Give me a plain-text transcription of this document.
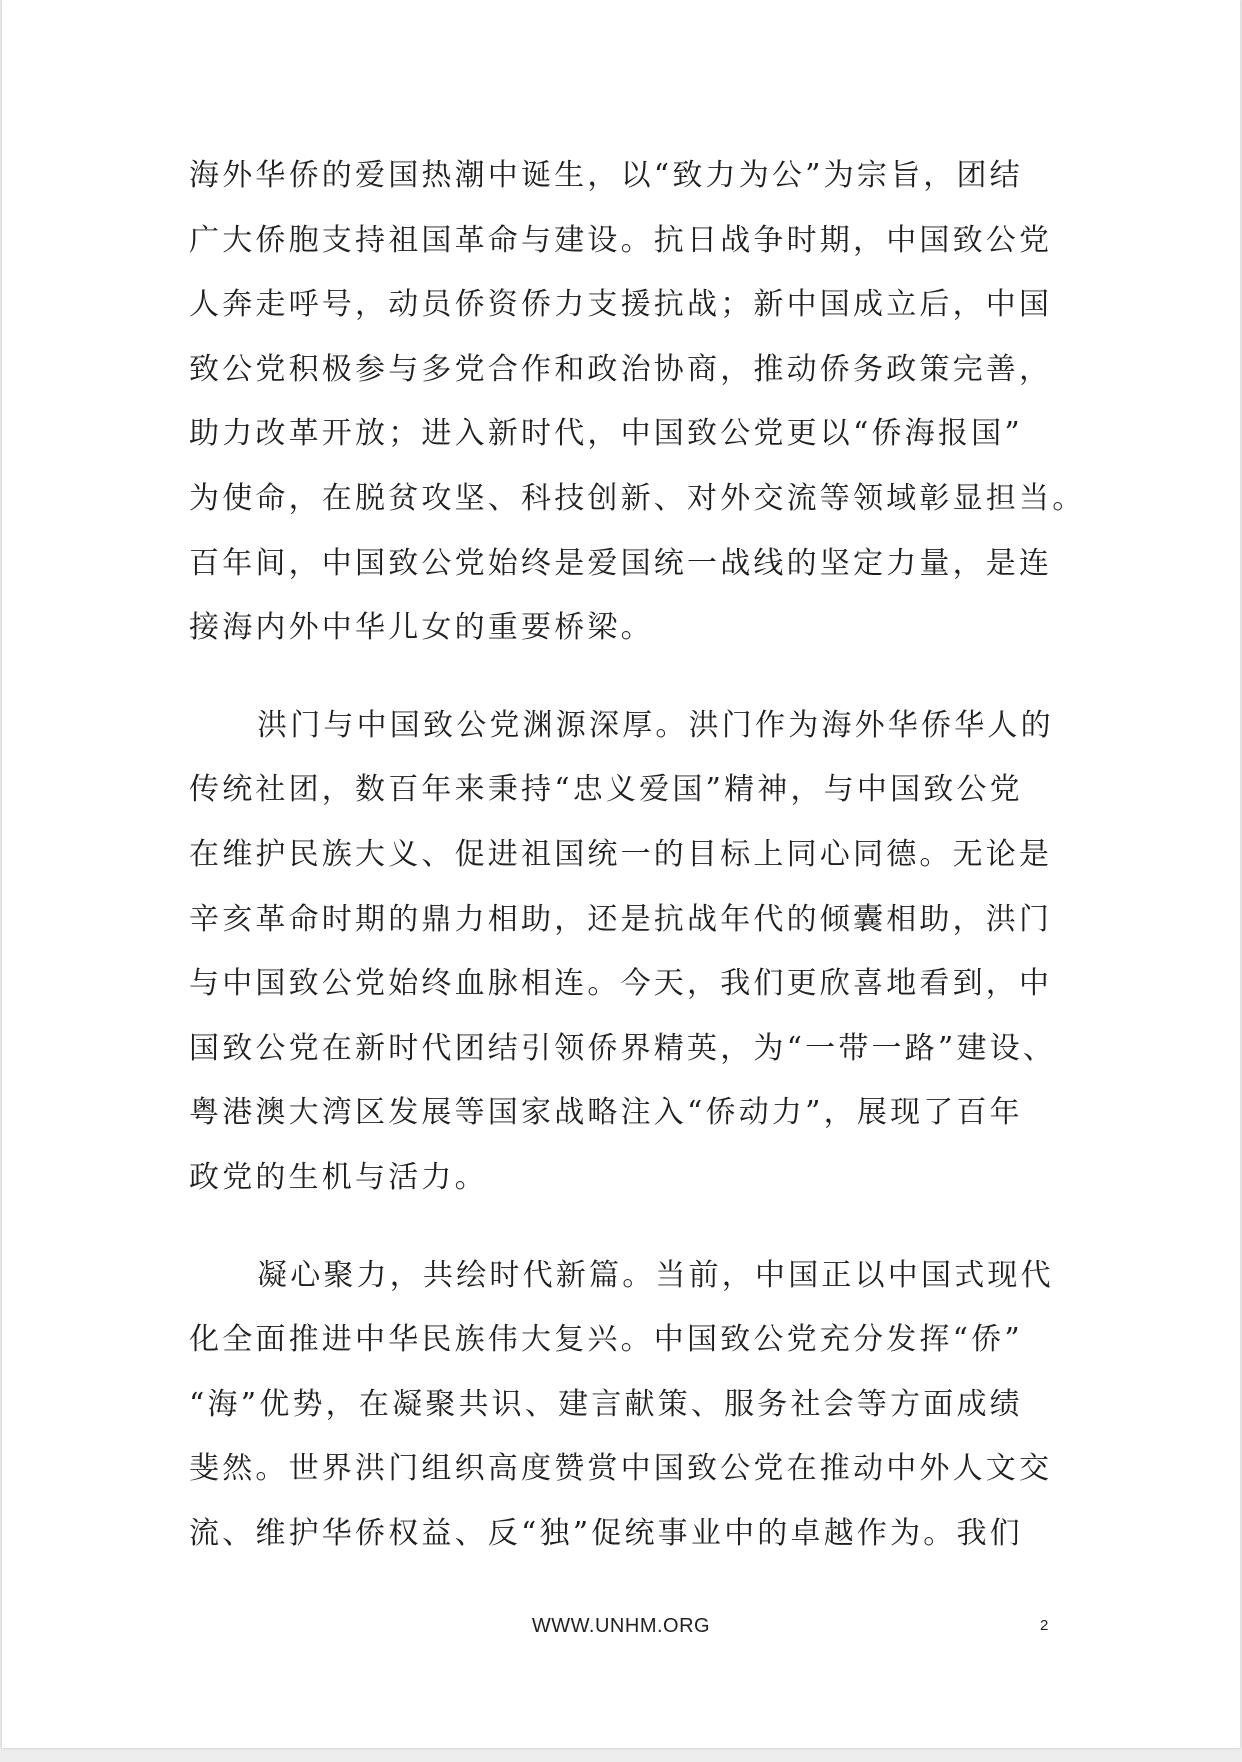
海外华侨的爱国热潮中诞生，以“致力为公”为宗旨，团结
广大侨胞支持祖国革命与建设。抗日战争时期，中国致公党
人奔走呼号，动员侨资侨力支援抗战；新中国成立后，中国
致公党积极参与多党合作和政治协商，推动侨务政策完善，
助力改革开放；进入新时代，中国致公党更以“侨海报国”
为使命，在脱贫攻坚、科技创新、对外交流等领域彰显担当。
百年间，中国致公党始终是爱国统一战线的坚定力量，是连
接海内外中华儿女的重要桥梁。

洪门与中国致公党渊源深厚。洪门作为海外华侨华人的
传统社团，数百年来秉持“忠义爱国”精神，与中国致公党
在维护民族大义、促进祖国统一的目标上同心同德。无论是
辛亥革命时期的鼎力相助，还是抗战年代的倾囊相助，洪门
与中国致公党始终血脉相连。今天，我们更欣喜地看到，中
国致公党在新时代团结引领侨界精英，为“一带一路”建设、
粤港澳大湾区发展等国家战略注入“侨动力”，展现了百年
政党的生机与活力。

凝心聚力，共绘时代新篇。当前，中国正以中国式现代
化全面推进中华民族伟大复兴。中国致公党充分发挥“侨”
“海”优势，在凝聚共识、建言献策、服务社会等方面成绩
斐然。世界洪门组织高度赞赏中国致公党在推动中外人文交
流、维护华侨权益、反“独”促统事业中的卓越作为。我们

WWW.UNHM.ORG	2
